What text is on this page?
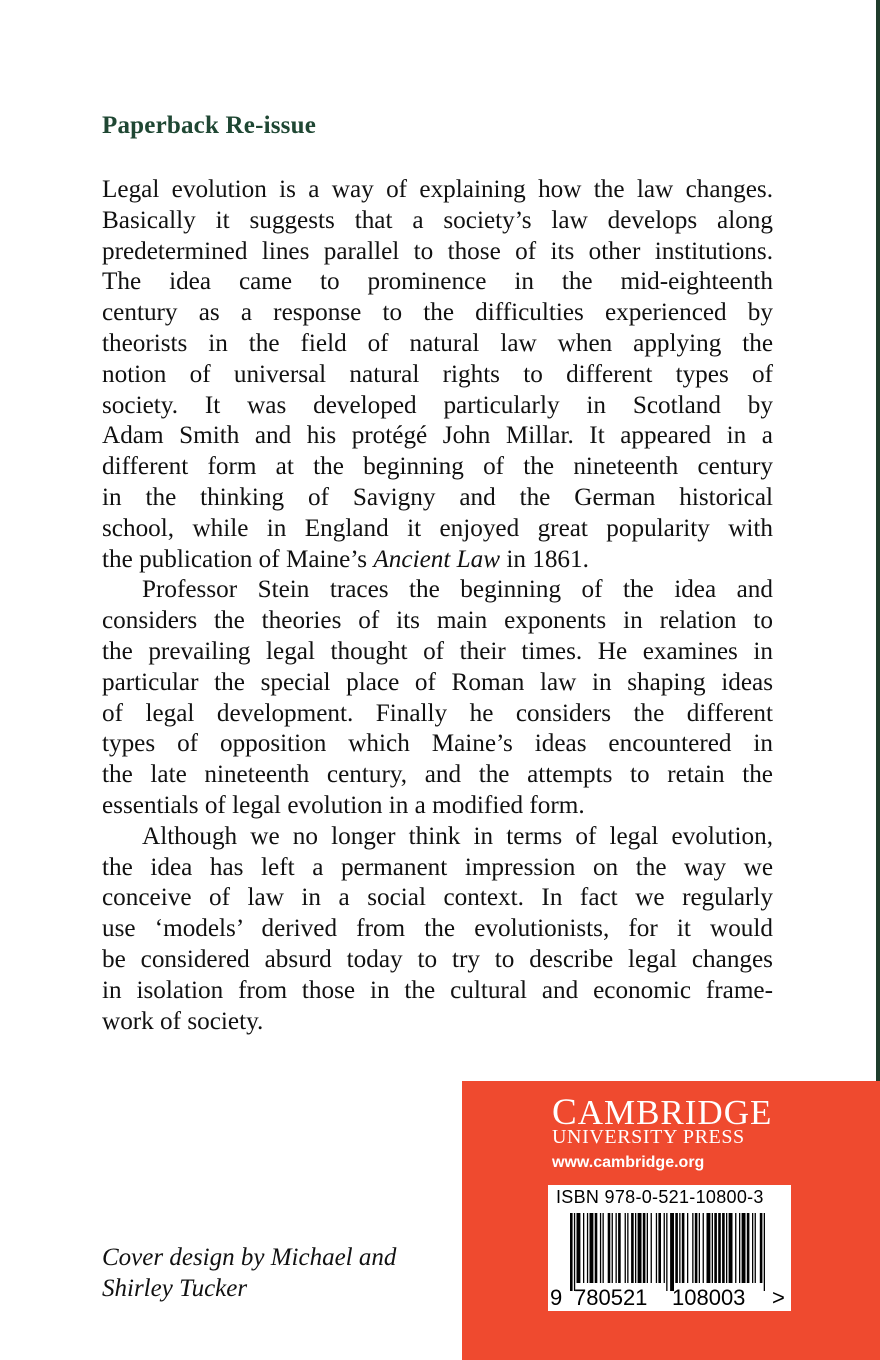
Paperback Re-issue

Legal evolution is a way of explaining how the law changes.
Basically it suggests that a society’s law develops along
predetermined lines parallel to those of its other institutions.
The idea came to prominence in the mid-eighteenth
century as a response to the difficulties experienced by
theorists in the field of natural law when applying the
notion of universal natural rights to different types of
society. It was developed particularly in Scotland by
Adam Smith and his protégé John Millar. It appeared in a
different form at the beginning of the nineteenth century
in the thinking of Savigny and the German historical
school, while in England it enjoyed great popularity with
the publication of Maine’s Ancient Law in 1861.

Professor Stein traces the beginning of the idea and
considers the theories of its main exponents in relation to
the prevailing legal thought of their times. He examines in
particular the special place of Roman law in shaping ideas
of legal development. Finally he considers the different
types of opposition which Maine’s ideas encountered in
the late nineteenth century, and the attempts to retain the
essentials of legal evolution in a modified form.

Although we no longer think in terms of legal evolution,
the idea has left a permanent impression on the way we
conceive of law in a social context. In fact we regularly
use ‘models’ derived from the evolutionists, for it would
be considered absurd today to try to describe legal changes
in isolation from those in the cultural and economic frame-
work of society.

Cover design by Michael and
Shirley Tucker
CAMBRIDGE
UNIVERSITY PRESS
www.cambridge.org
ISBN 978-0-521-10800-3
9 780521 108003 >
